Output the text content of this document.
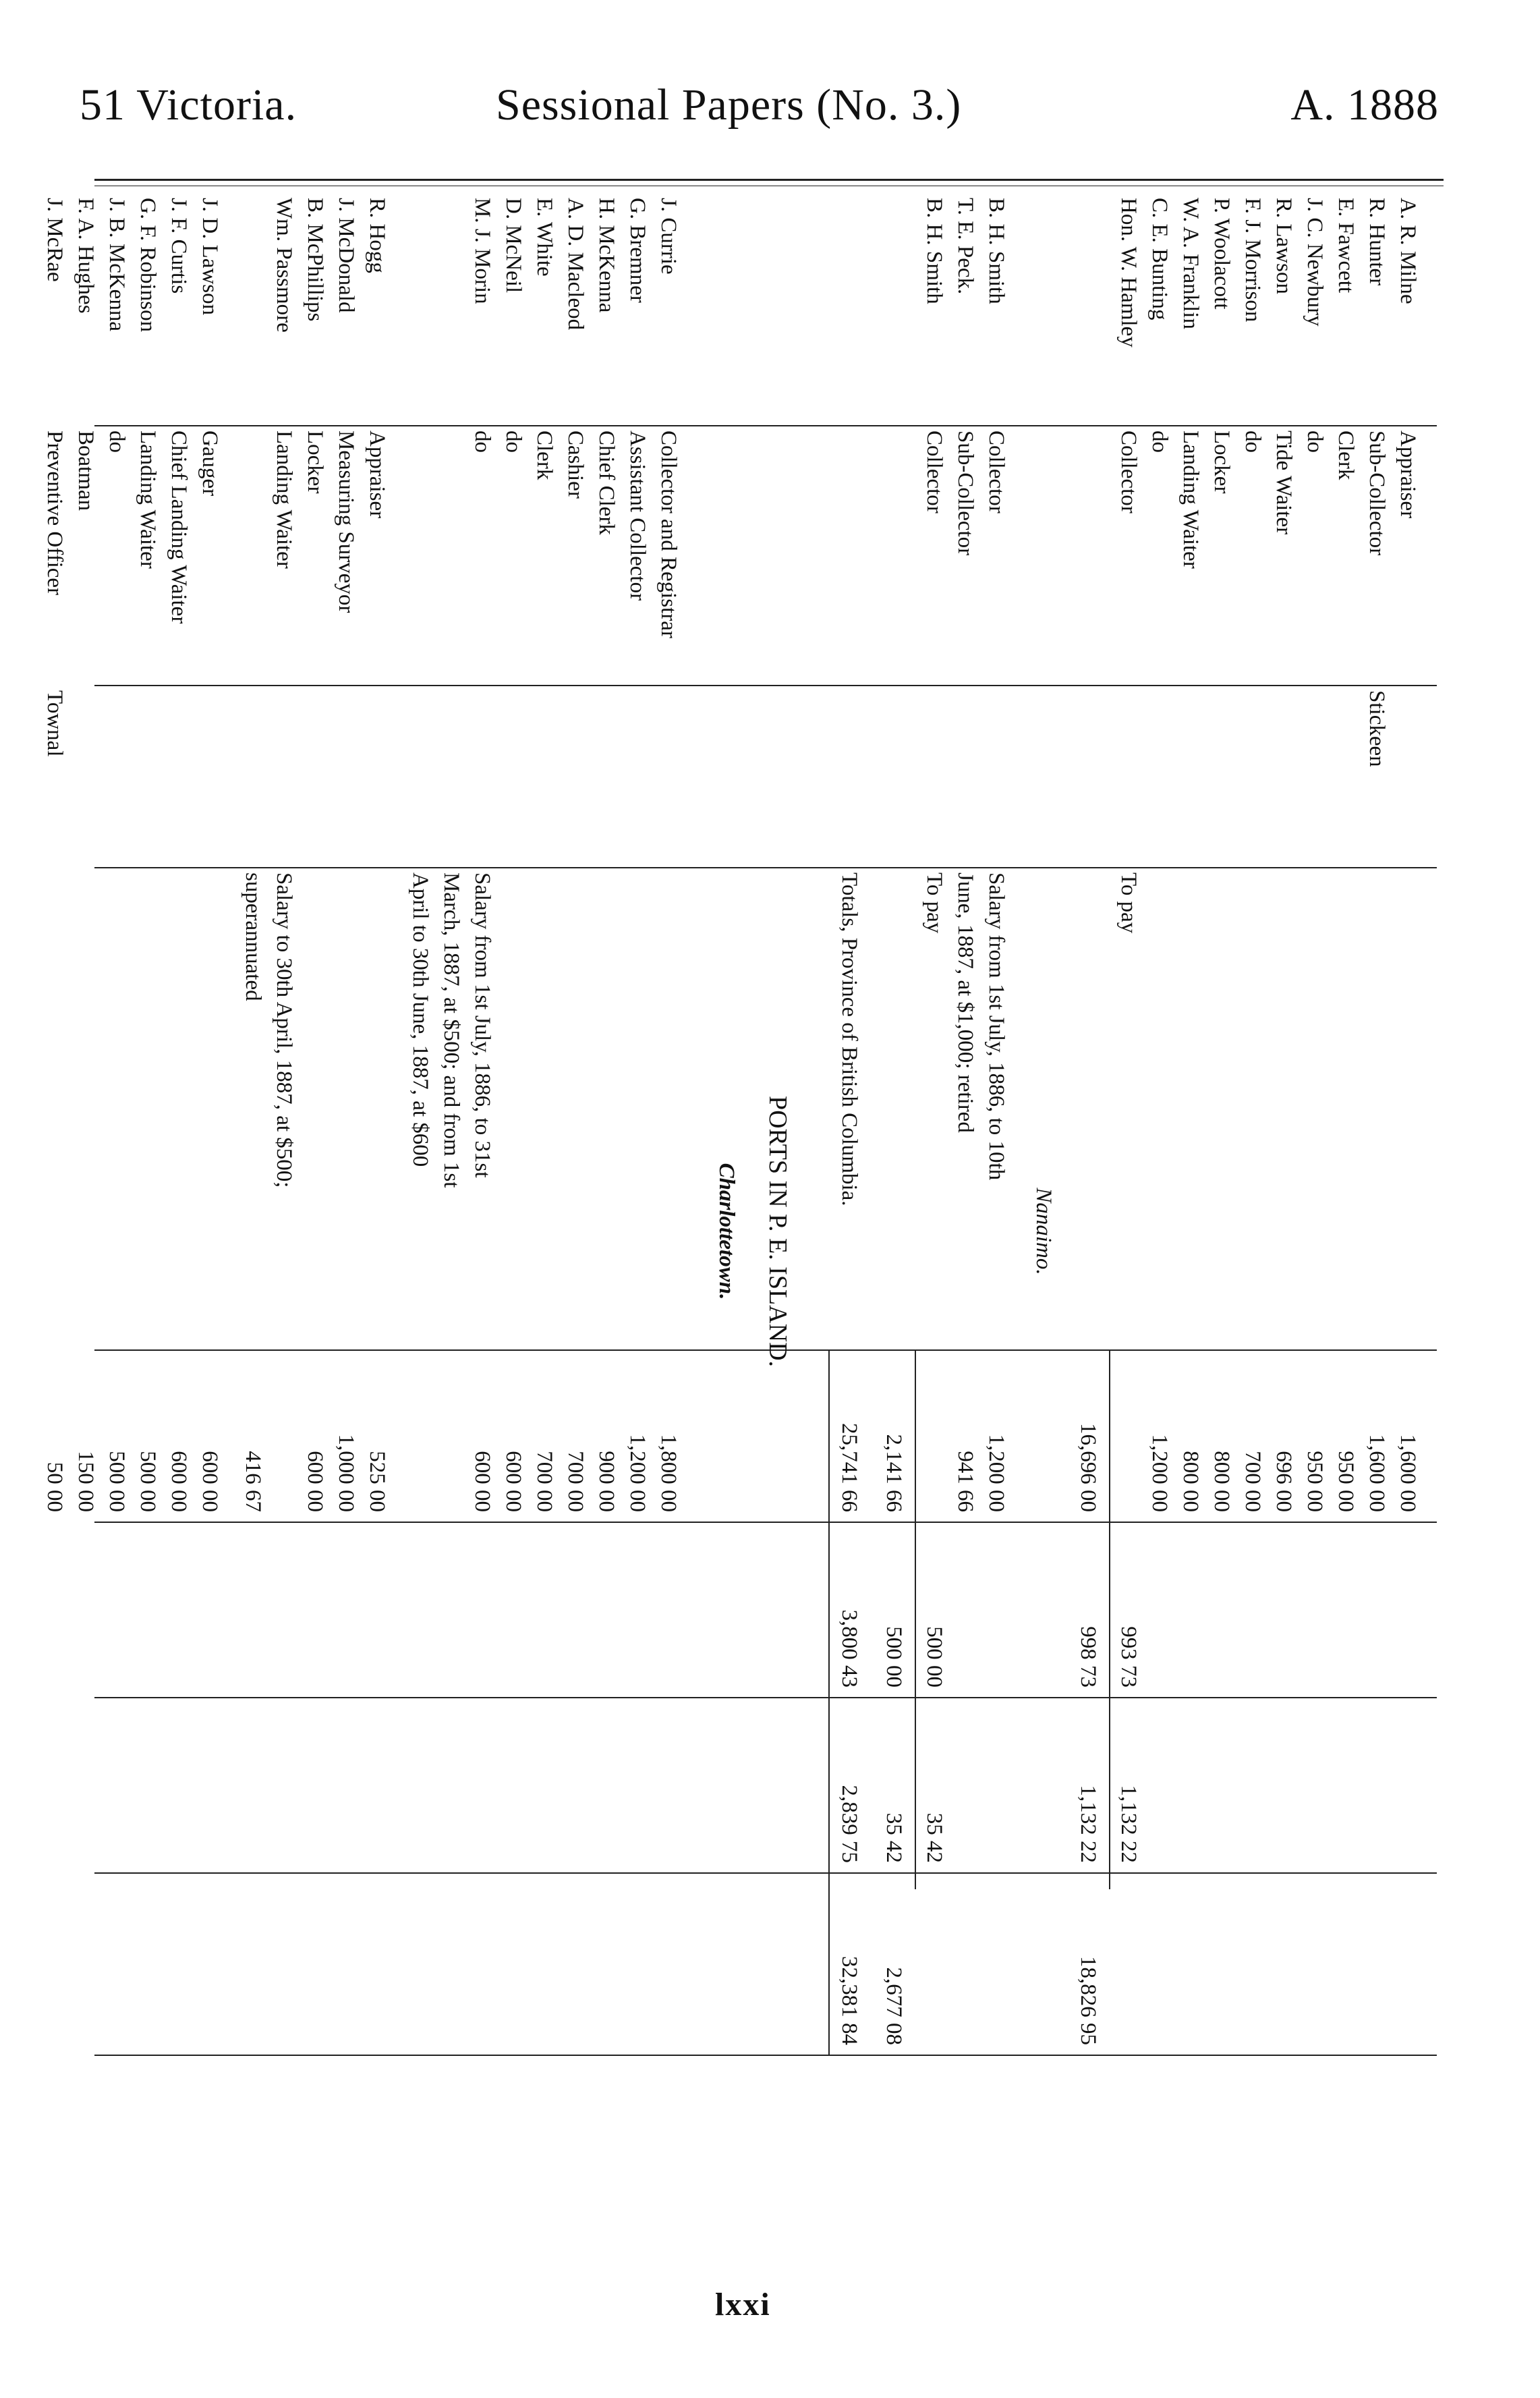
51 Victoria.	Sessional Papers (No. 3.)	A. 1888
A. R. Milne
Appraiser
1,600 00
R. Hunter
Sub-Collector
Stickeen
1,600 00
E. Fawcett
Clerk
950 00
J. C. Newbury
do
950 00
R. Lawson
Tide Waiter
696 00
F. J. Morrison
do
700 00
P. Woolacott
Locker
800 00
W. A. Franklin
Landing Waiter
800 00
C. E. Bunting
do
1,200 00
Hon. W. Hamley
Collector
To pay
993 73
1,132 22
16,696 00
998 73
1,132 22
18,826 95
Nanaimo.
B. H. Smith
Collector
Salary from 1st July, 1886, to 10th
1,200 00
T. E. Peck.
Sub-Collector
June, 1887, at $1,000; retired
941 66
B. H. Smith
Collector
To pay
500 00
35 42
2,141 66
500 00
35 42
2,677 08
Totals, Province of British Columbia.
25,741 66
3,800 43
2,839 75
32,381 84
PORTS IN P. E. ISLAND.
Charlottetown.
J. Currie
Collector and Registrar
1,800 00
G. Bremner
Assistant Collector
1,200 00
H. McKenna
Chief Clerk
900 00
A. D. Macleod
Cashier
700 00
E. White
Clerk
700 00
D. McNeil
do
600 00
M. J. Morin
do
Salary from 1st July, 1886, to 31st
600 00
March, 1887, at $500; and from 1st
April to 30th June, 1887, at $600
R. Hogg
Appraiser
525 00
J. McDonald
Measuring Surveyor
1,000 00
B. McPhillips
Locker
600 00
Wm. Passmore
Landing Waiter
Salary to 30th April, 1887, at $500;
superannuated
416 67
J. D. Lawson
Gauger
600 00
J. F. Curtis
Chief Landing Waiter
600 00
G. F. Robinson
Landing Waiter
500 00
J. B. McKenna
do
500 00
F. A. Hughes
Boatman
150 00
J. McRae
Preventive Officer
Townal
50 00
lxxi
